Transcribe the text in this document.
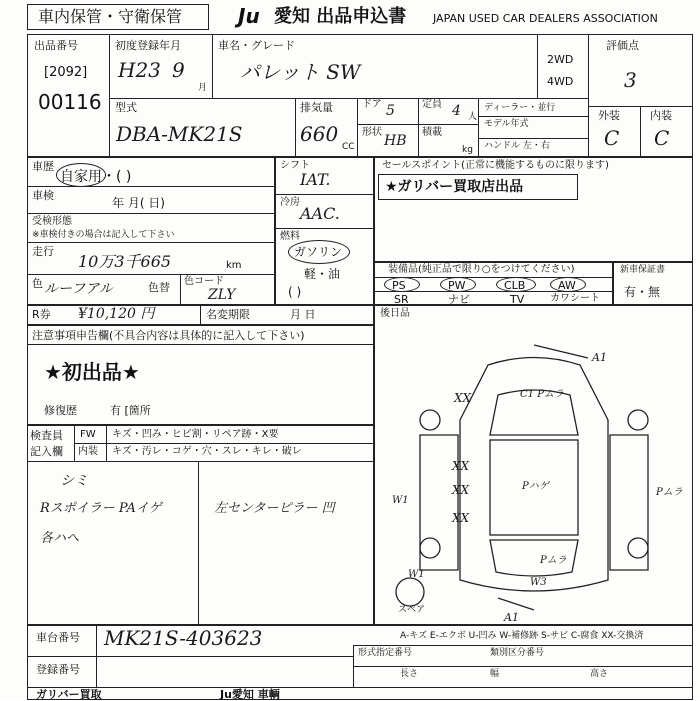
車内保管・守衛保管	Ju 愛知 出品申込書 JAPAN USED CAR DEALERS ASSOCIATION
出品番号
[2092]
00116
初度登録年月
H23 9
月
車名・グレード
パレット SW
2WD
4WD
評価点
3
外装	内装
C C
型式
DBA-MK21S
排気量
660
CC
ドア 5
形状
HB
定員 4 人
積載
kg
ディーラー・並行
モデル年式
ハンドル 左・右
車歴
自家用・( )
車検
年 月( 日)
受検形態
※車検付きの場合は記入して下さい
走行
10万3千665	km
色 ルーフアル	色替 色コード
ZLY
シフト
IAT.
冷房
AAC.
燃料
ガソリン
軽・油
( )
セールスポイント(正常に機能するものに限ります)
★ガリバー買取店出品
装備品(純正品で限り○をつけてください)
PS	PW	CLB	AW
SR	ナビ	TV	カワシート
新車保証書
有・無
R券 ¥10,120 円	名変期限	月 日	後日品
注意事項申告欄(不具合内容は具体的に記入して下さい)
★初出品★
修復歴	有 [箇所
検査員
記入欄
FW キズ・凹み・ヒビ割・リペア跡・X要
内装 キズ・汚レ・コゲ・穴・スレ・キレ・破レ
シミ
Rスポイラー PAイゲ	左センターピラー 凹
各ハへ
A1
C1 Pムラ
XX
XX
XX
XX
Pハゲ
Pムラ
W1
Pムラ
W3
W1
A1
スペア
A-キズ E-エクボ U-凹み W-補修跡 S-サビ C-腐食 XX-交換済
車台番号 MK21S-403623
登録番号
形式指定番号	類別区分番号
長さ	幅	高さ
ガリバー買取	Ju愛知 車輌
